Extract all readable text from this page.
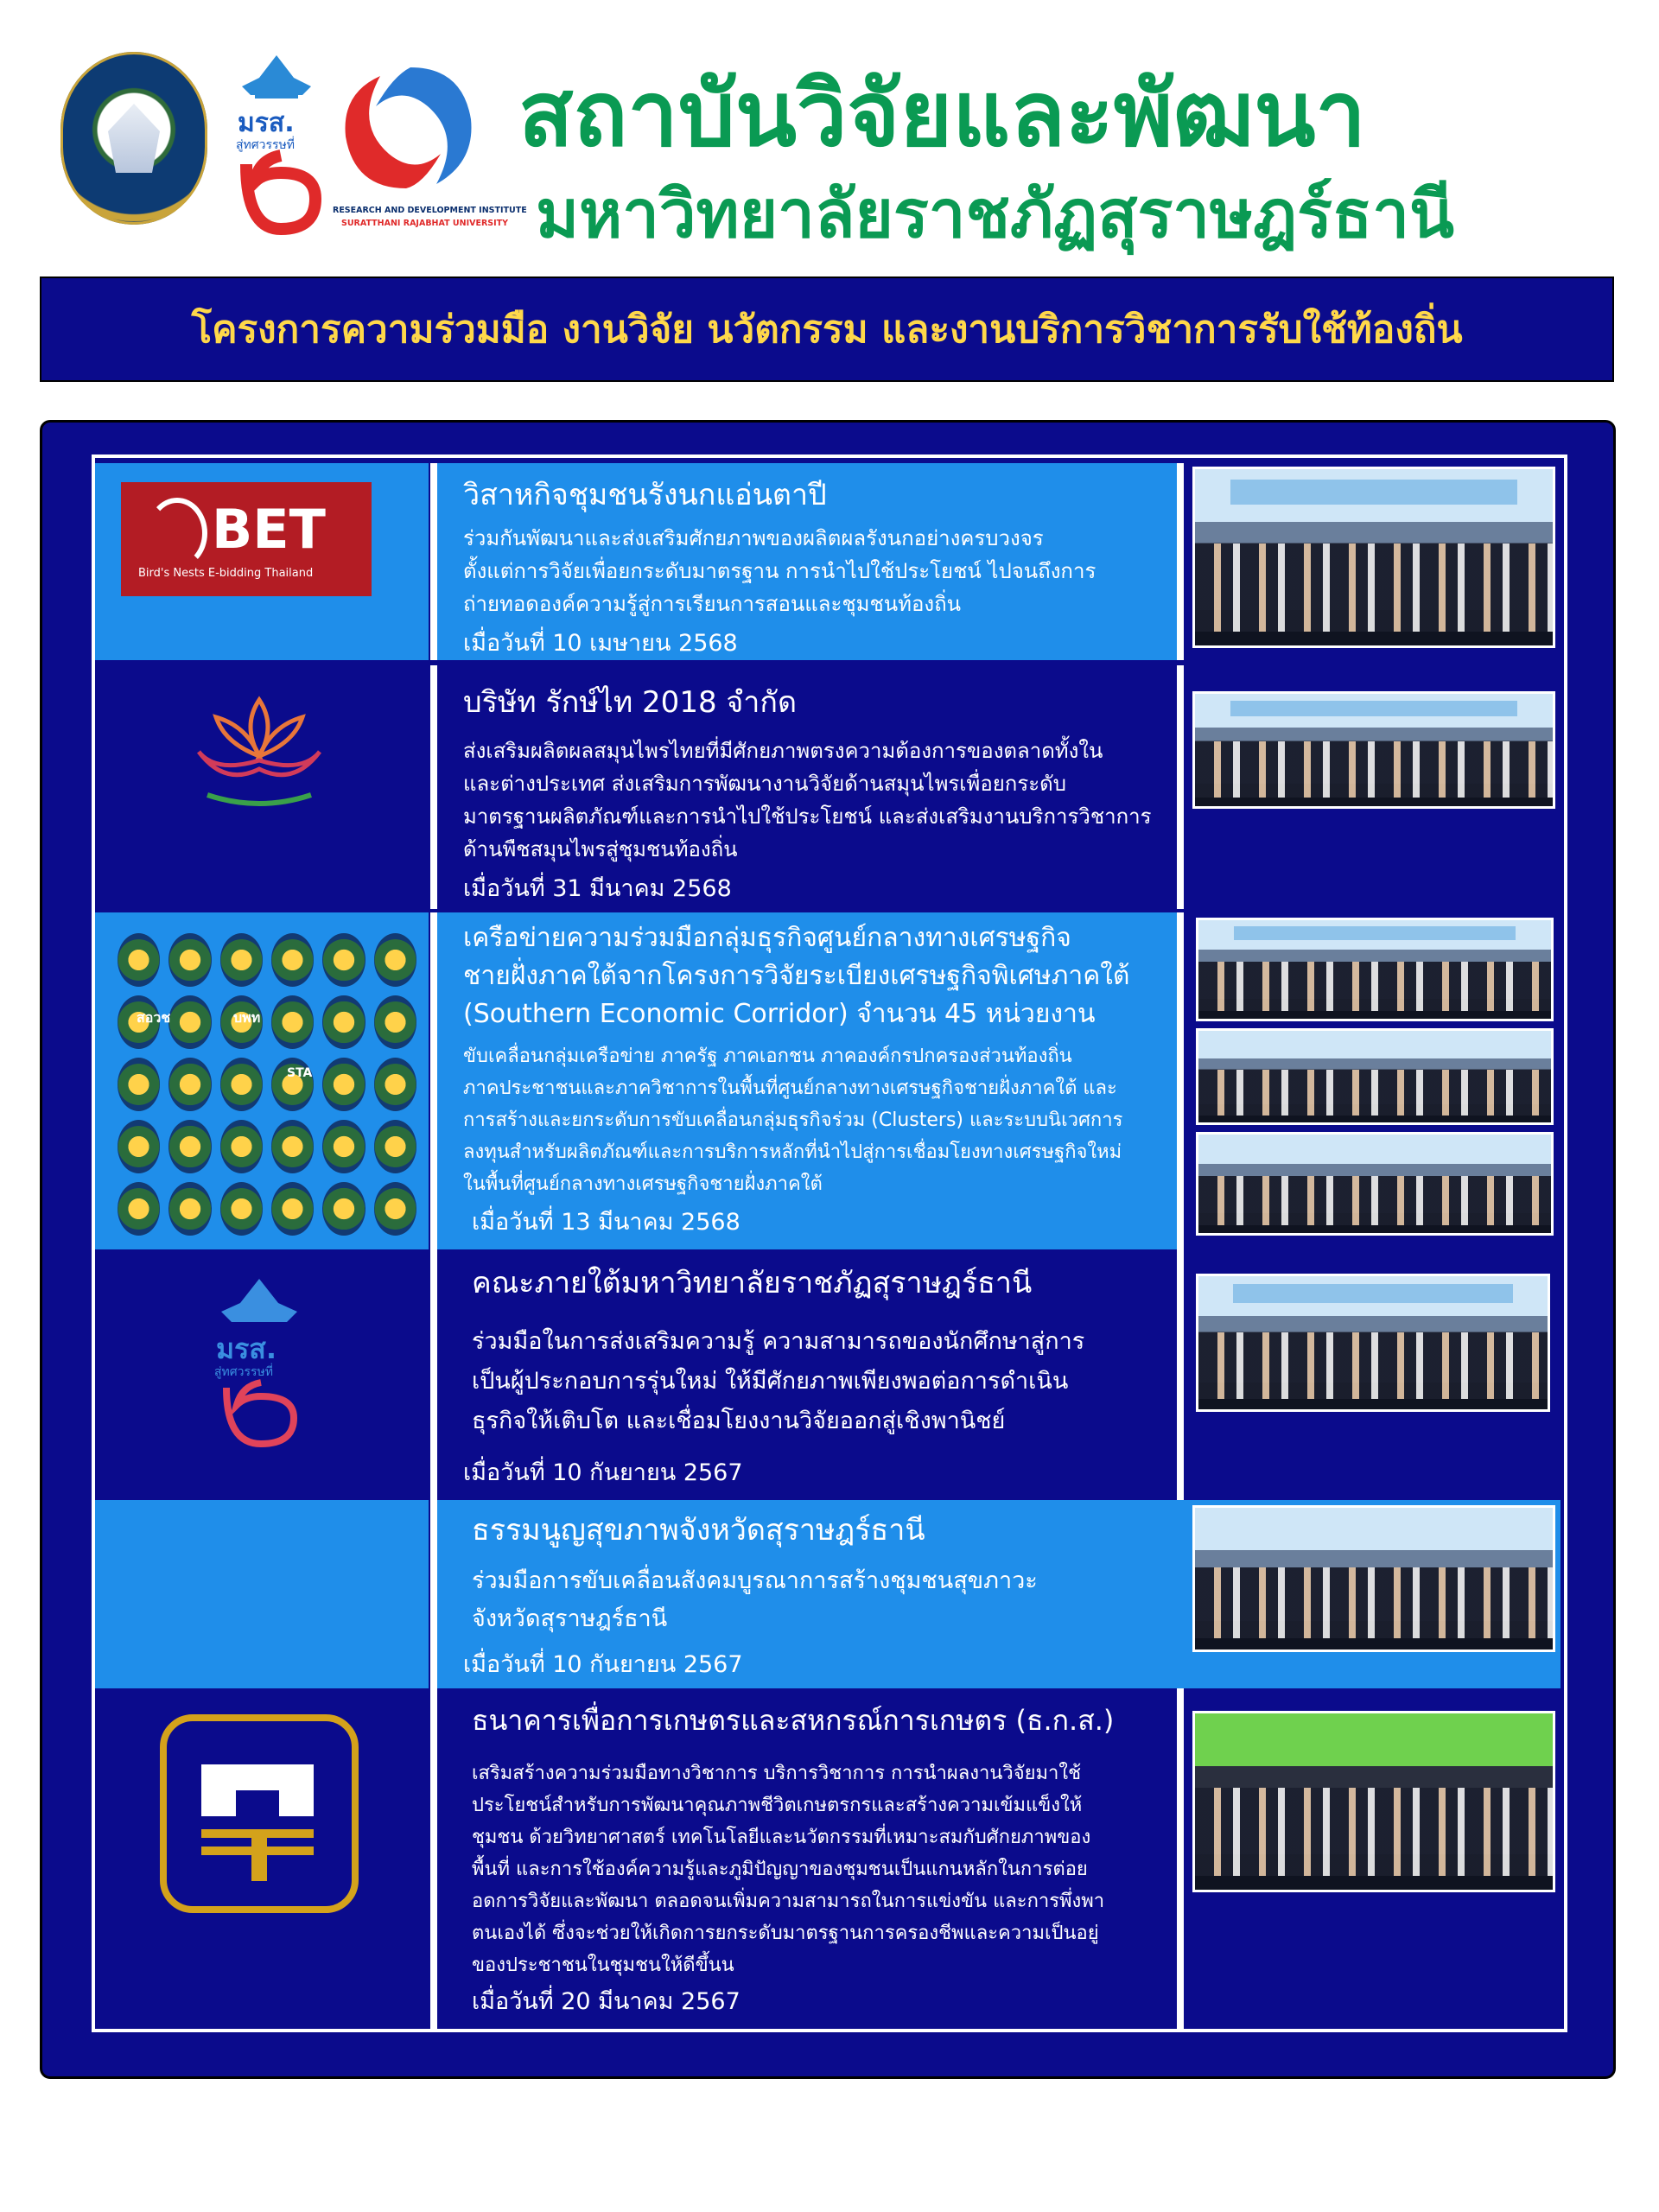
มรส.
สู่ทศวรรษที่
RESEARCH AND DEVELOPMENT INSTITUTE
SURATTHANI RAJABHAT UNIVERSITY
สถาบันวิจัยและพัฒนา
มหาวิทยาลัยราชภัฏสุราษฎร์ธานี
โครงการความร่วมมือ งานวิจัย นวัตกรรม และงานบริการวิชาการรับใช้ท้องถิ่น
BET
Bird's Nests E-bidding Thailand
วิสาหกิจชุมชนรังนกแอ่นตาปี
ร่วมกันพัฒนาและส่งเสริมศักยภาพของผลิตผลรังนกอย่างครบวงจร
ตั้งแต่การวิจัยเพื่อยกระดับมาตรฐาน การนำไปใช้ประโยชน์ ไปจนถึงการ
ถ่ายทอดองค์ความรู้สู่การเรียนการสอนและชุมชนท้องถิ่น
เมื่อวันที่ 10 เมษายน 2568
บริษัท รักษ์ไท 2018 จำกัด
ส่งเสริมผลิตผลสมุนไพรไทยที่มีศักยภาพตรงความต้องการของตลาดทั้งใน
และต่างประเทศ ส่งเสริมการพัฒนางานวิจัยด้านสมุนไพรเพื่อยกระดับ
มาตรฐานผลิตภัณฑ์และการนำไปใช้ประโยชน์ และส่งเสริมงานบริการวิชาการ
ด้านพืชสมุนไพรสู่ชุมชนท้องถิ่น
เมื่อวันที่ 31 มีนาคม 2568
สอวช	บพท
STA
เครือข่ายความร่วมมือกลุ่มธุรกิจศูนย์กลางทางเศรษฐกิจ
ชายฝั่งภาคใต้จากโครงการวิจัยระเบียงเศรษฐกิจพิเศษภาคใต้
(Southern Economic Corridor) จำนวน 45 หน่วยงาน
ขับเคลื่อนกลุ่มเครือข่าย ภาครัฐ ภาคเอกชน ภาคองค์กรปกครองส่วนท้องถิ่น
ภาคประชาชนและภาควิชาการในพื้นที่ศูนย์กลางทางเศรษฐกิจชายฝั่งภาคใต้ และ
การสร้างและยกระดับการขับเคลื่อนกลุ่มธุรกิจร่วม (Clusters) และระบบนิเวศการ
ลงทุนสำหรับผลิตภัณฑ์และการบริการหลักที่นำไปสู่การเชื่อมโยงทางเศรษฐกิจใหม่
ในพื้นที่ศูนย์กลางทางเศรษฐกิจชายฝั่งภาคใต้
เมื่อวันที่ 13 มีนาคม 2568
มรส.
สู่ทศวรรษที่
คณะภายใต้มหาวิทยาลัยราชภัฏสุราษฎร์ธานี
ร่วมมือในการส่งเสริมความรู้ ความสามารถของนักศึกษาสู่การ
เป็นผู้ประกอบการรุ่นใหม่ ให้มีศักยภาพเพียงพอต่อการดำเนิน
ธุรกิจให้เติบโต และเชื่อมโยงงานวิจัยออกสู่เชิงพานิชย์
เมื่อวันที่ 10 กันยายน 2567
ธรรมนูญสุขภาพจังหวัดสุราษฎร์ธานี
ร่วมมือการขับเคลื่อนสังคมบูรณาการสร้างชุมชนสุขภาวะ
จังหวัดสุราษฎร์ธานี
เมื่อวันที่ 10 กันยายน 2567
ธนาคารเพื่อการเกษตรและสหกรณ์การเกษตร (ธ.ก.ส.)
เสริมสร้างความร่วมมือทางวิชาการ บริการวิชาการ การนำผลงานวิจัยมาใช้
ประโยชน์สำหรับการพัฒนาคุณภาพชีวิตเกษตรกรและสร้างความเข้มแข็งให้
ชุมชน ด้วยวิทยาศาสตร์ เทคโนโลยีและนวัตกรรมที่เหมาะสมกับศักยภาพของ
พื้นที่ และการใช้องค์ความรู้และภูมิปัญญาของชุมชนเป็นแกนหลักในการต่อย
อดการวิจัยและพัฒนา ตลอดจนเพิ่มความสามารถในการแข่งขัน และการพึ่งพา
ตนเองได้ ซึ่งจะช่วยให้เกิดการยกระดับมาตรฐานการครองชีพและความเป็นอยู่
ของประชาชนในชุมชนให้ดีขึ้นน
เมื่อวันที่ 20 มีนาคม 2567
